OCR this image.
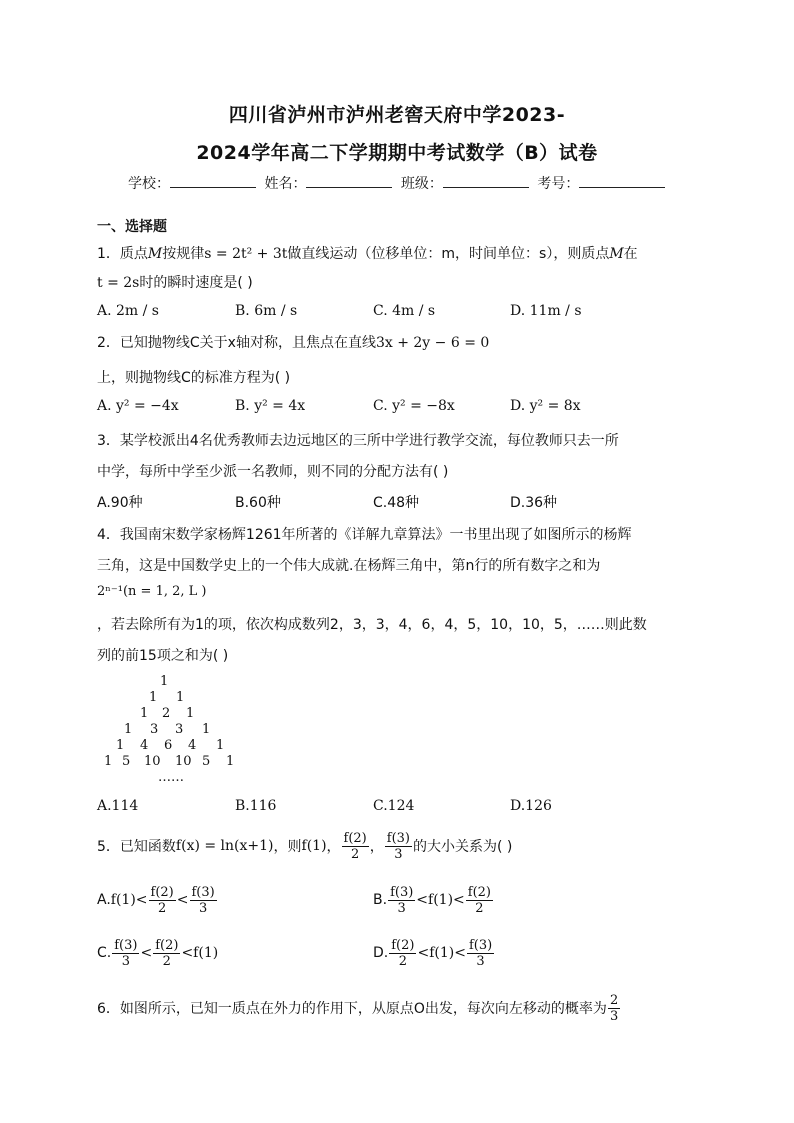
四川省泸州市泸州老窖天府中学2023-
2024学年高二下学期期中考试数学（B）试卷
学校：	姓名：	班级：	考号：
一、选择题
1．质点M按规律s = 2t² + 3t做直线运动（位移单位：m，时间单位：s），则质点M在
t = 2s时的瞬时速度是( )
A. 2m / s	B. 6m / s	C. 4m / s	D. 11m / s
2．已知抛物线C关于x轴对称，且焦点在直线3x + 2y − 6 = 0
上，则抛物线C的标准方程为( )
A. y² = −4x	B. y² = 4x	C. y² = −8x	D. y² = 8x
3．某学校派出4名优秀教师去边远地区的三所中学进行教学交流，每位教师只去一所
中学，每所中学至少派一名教师，则不同的分配方法有( )
A.90种	B.60种	C.48种	D.36种
4．我国南宋数学家杨辉1261年所著的《详解九章算法》一书里出现了如图所示的杨辉
三角，这是中国数学史上的一个伟大成就.在杨辉三角中，第n行的所有数字之和为
2ⁿ⁻¹(n = 1, 2, L )
，若去除所有为1的项，依次构成数列2，3，3，4，6，4，5，10，10，5，……则此数
列的前15项之和为( )
1
1 1
1 2 1
1 3 3 1
1 4 6 4 1
1 5 10 10 5 1
……
A.114	B.116	C.124	D.126
5．已知函数 f(x) = ln(x+1) ，则 f(1) ， $\frac{f(2)}{2}$ ， $\frac{f(3)}{3}$ 的大小关系为( )
A. $f(1) < \frac{f(2)}{2} < \frac{f(3)}{3}$	B. $\frac{f(3)}{3} < f(1) < \frac{f(2)}{2}$
C. $\frac{f(3)}{3} < \frac{f(2)}{2} < f(1)$	D. $\frac{f(2)}{2} < f(1) < \frac{f(3)}{3}$
6．如图所示，已知一质点在外力的作用下，从原点O出发，每次向左移动的概率为 $\frac{2}{3}$
